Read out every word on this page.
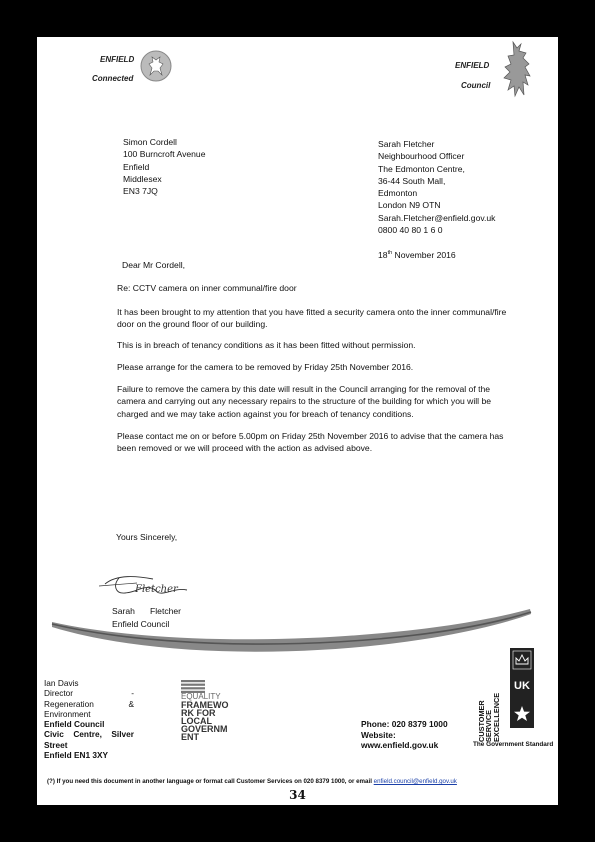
ENFIELD
Connected
ENFIELD
Council
Simon Cordell
100 Burncroft Avenue
Enfield
Middlesex
EN3 7JQ
Sarah Fletcher
Neighbourhood Officer
The Edmonton Centre,
36-44 South Mall,
Edmonton
London N9 OTN
Sarah.Fletcher@enfield.gov.uk
0800 40 80 1 6 0
18th November 2016
Dear Mr Cordell,
Re: CCTV camera on inner communal/fire door
It has been brought to my attention that you have fitted a security camera onto the inner communal/fire door on the ground floor of our building.
This is in breach of tenancy conditions as it has been fitted without permission.
Please arrange for the camera to be removed by Friday 25th November 2016.
Failure to remove the camera by this date will result in the Council arranging for the removal of the camera and carrying out any necessary repairs to the structure of the building for which you will be charged and we may take action against you for breach of tenancy conditions.
Please contact me on or before 5.00pm on Friday 25th November 2016 to advise that the camera has been removed or we will proceed with the action as advised above.
Yours Sincerely,
Fletcher
Sarah Fletcher
Enfield Council
Ian Davis
Director	-
Regeneration	&
Environment
Enfield Council
Civic Centre, Silver
Street
Enfield EN1 3XY
EQUALITY
FRAMEWO
RK FOR
LOCAL
GOVERNM
ENT
Phone: 020 8379 1000
Website:
www.enfield.gov.uk
CUSTOMER
SERVICE
EXCELLENCE
UK
The Government Standard
(?) If you need this document in another language or format call Customer Services on 020 8379 1000, or email enfield.council@enfield.gov.uk
34
